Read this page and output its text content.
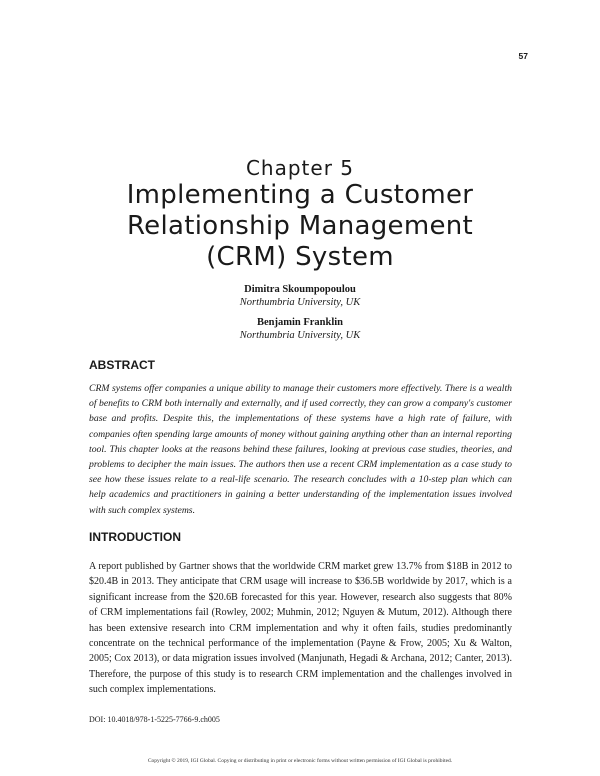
57
Chapter 5
Implementing a Customer
Relationship Management
(CRM) System
Dimitra Skoumpopoulou
Northumbria University, UK
Benjamin Franklin
Northumbria University, UK
ABSTRACT

CRM systems offer companies a unique ability to manage their customers more effectively. There is a wealth of benefits to CRM both internally and externally, and if used correctly, they can grow a company's customer base and profits. Despite this, the implementations of these systems have a high rate of failure, with companies often spending large amounts of money without gaining anything other than an internal reporting tool. This chapter looks at the reasons behind these failures, looking at previous case studies, theories, and problems to decipher the main issues. The authors then use a recent CRM implementation as a case study to see how these issues relate to a real-life scenario. The research concludes with a 10-step plan which can help academics and practitioners in gaining a better understanding of the implementation issues involved with such complex systems.

INTRODUCTION

A report published by Gartner shows that the worldwide CRM market grew 13.7% from $18B in 2012 to $20.4B in 2013. They anticipate that CRM usage will increase to $36.5B worldwide by 2017, which is a significant increase from the $20.6B forecasted for this year. However, research also suggests that 80% of CRM implementations fail (Rowley, 2002; Muhmin, 2012; Nguyen & Mutum, 2012). Although there has been extensive research into CRM implementation and why it often fails, studies predominantly concentrate on the technical performance of the implementation (Payne & Frow, 2005; Xu & Walton, 2005; Cox 2013), or data migration issues involved (Manjunath, Hegadi & Archana, 2012; Canter, 2013). Therefore, the purpose of this study is to research CRM implementation and the challenges involved in such complex implementations.

DOI: 10.4018/978-1-5225-7766-9.ch005
Copyright © 2019, IGI Global. Copying or distributing in print or electronic forms without written permission of IGI Global is prohibited.
